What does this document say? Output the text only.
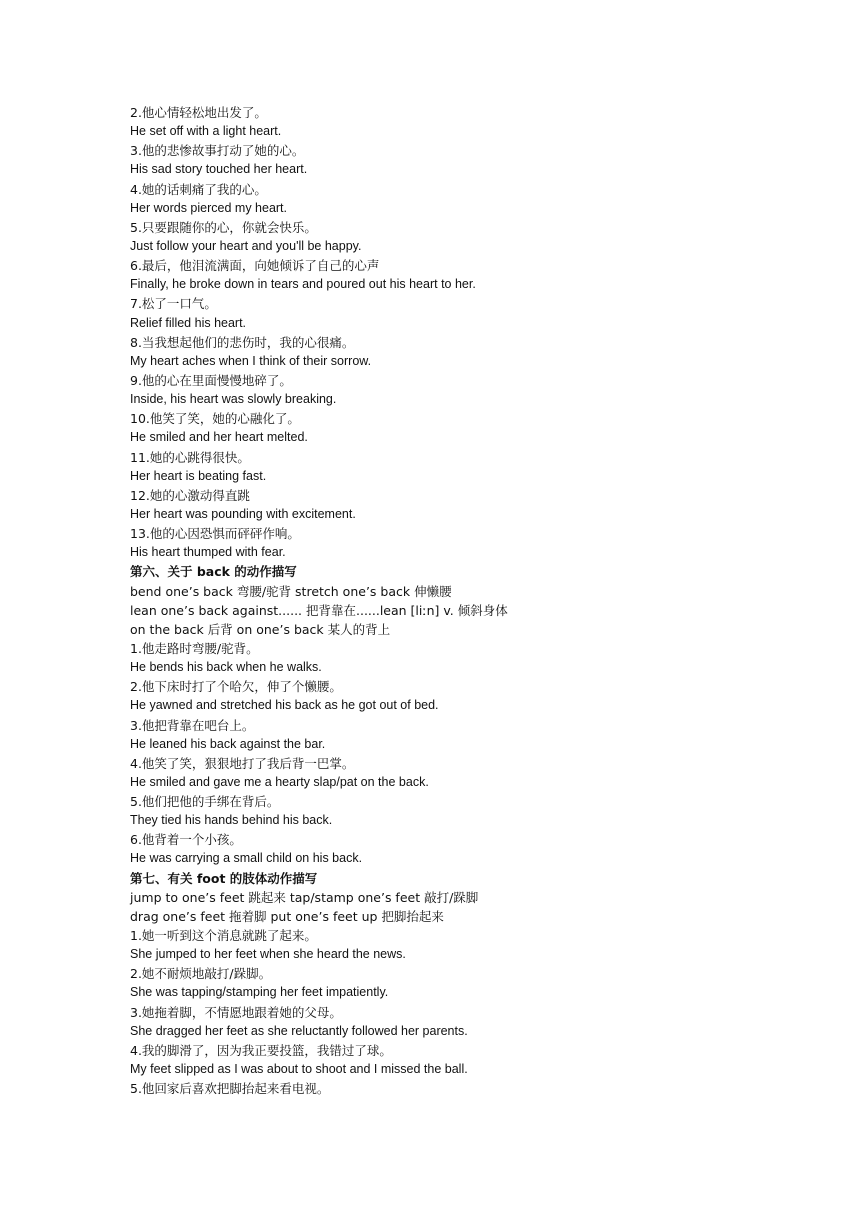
2.他心情轻松地出发了。
He set off with a light heart.
3.他的悲惨故事打动了她的心。
His sad story touched her heart.
4.她的话刺痛了我的心。
Her words pierced my heart.
5.只要跟随你的心，你就会快乐。
Just follow your heart and you'll be happy.
6.最后，他泪流满面，向她倾诉了自己的心声
Finally, he broke down in tears and poured out his heart to her.
7.松了一口气。
Relief filled his heart.
8.当我想起他们的悲伤时，我的心很痛。
My heart aches when I think of their sorrow.
9.他的心在里面慢慢地碎了。
Inside, his heart was slowly breaking.
10.他笑了笑，她的心融化了。
He smiled and her heart melted.
11.她的心跳得很快。
Her heart is beating fast.
12.她的心激动得直跳
Her heart was pounding with excitement.
13.他的心因恐惧而砰砰作响。
His heart thumped with fear.
第六、关于 back 的动作描写
bend one’s back 弯腰/驼背 stretch one’s back 伸懒腰
lean one’s back against...... 把背靠在......lean [liːn] v. 倾斜身体
on the back 后背 on one’s back 某人的背上
1.他走路时弯腰/驼背。
He bends his back when he walks.
2.他下床时打了个哈欠，伸了个懒腰。
He yawned and stretched his back as he got out of bed.
3.他把背靠在吧台上。
He leaned his back against the bar.
4.他笑了笑，狠狠地打了我后背一巴掌。
He smiled and gave me a hearty slap/pat on the back.
5.他们把他的手绑在背后。
They tied his hands behind his back.
6.他背着一个小孩。
He was carrying a small child on his back.
第七、有关 foot 的肢体动作描写
jump to one’s feet 跳起来 tap/stamp one’s feet 敲打/跺脚
drag one’s feet 拖着脚 put one’s feet up 把脚抬起来
1.她一听到这个消息就跳了起来。
She jumped to her feet when she heard the news.
2.她不耐烦地敲打/跺脚。
She was tapping/stamping her feet impatiently.
3.她拖着脚，不情愿地跟着她的父母。
She dragged her feet as she reluctantly followed her parents.
4.我的脚滑了，因为我正要投篮，我错过了球。
My feet slipped as I was about to shoot and I missed the ball.
5.他回家后喜欢把脚抬起来看电视。
